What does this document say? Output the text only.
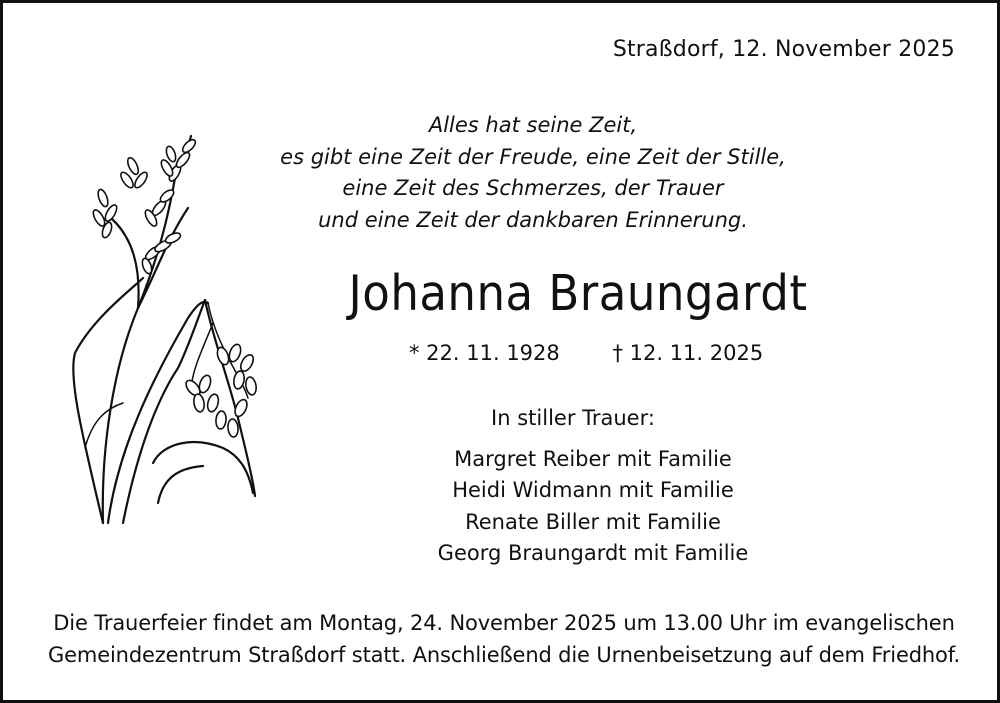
Straßdorf, 12. November 2025
Alles hat seine Zeit,
es gibt eine Zeit der Freude, eine Zeit der Stille,
eine Zeit des Schmerzes, der Trauer
und eine Zeit der dankbaren Erinnerung.
Johanna Braungardt
* 22. 11. 1928	† 12. 11. 2025
In stiller Trauer:
Margret Reiber mit Familie
Heidi Widmann mit Familie
Renate Biller mit Familie
Georg Braungardt mit Familie
Die Trauerfeier findet am Montag, 24. November 2025 um 13.00 Uhr im evangelischen
Gemeindezentrum Straßdorf statt. Anschließend die Urnenbeisetzung auf dem Friedhof.
